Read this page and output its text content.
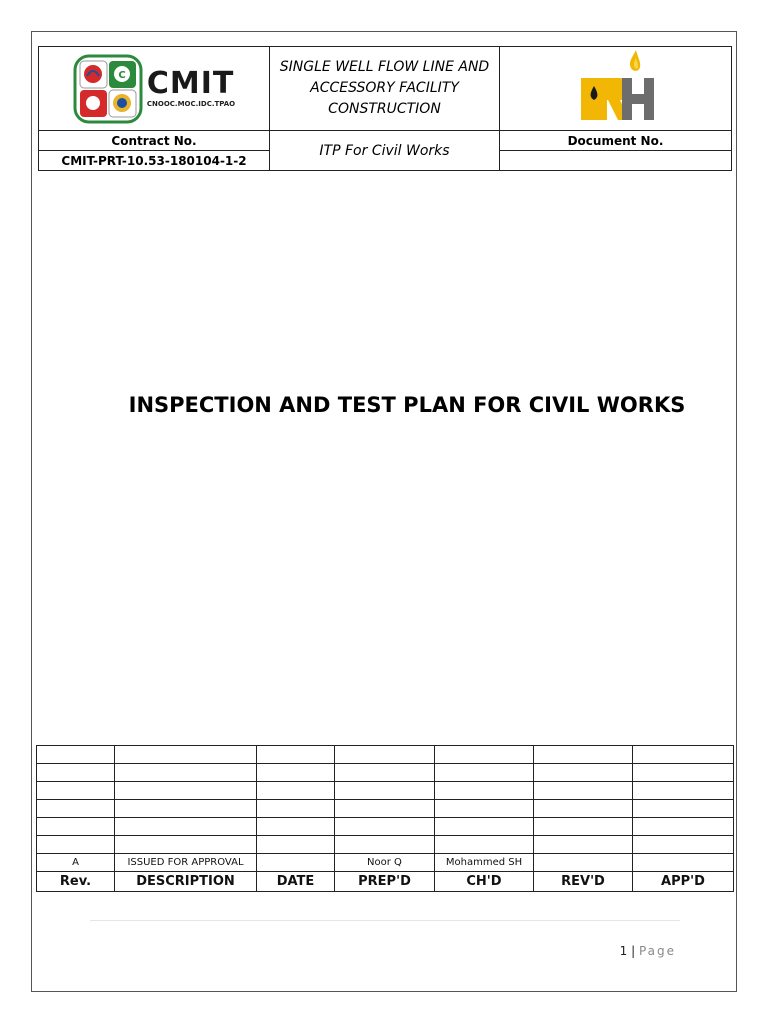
C CMIT
CNOOC.MOC.IDC.TPAO	SINGLE WELL FLOW LINE AND ACCESSORY FACILITY CONSTRUCTION	
Contract No.	ITP For Civil Works	Document No.
CMIT-PRT-10.53-180104-1-2		
INSPECTION AND TEST PLAN FOR CIVIL WORKS

A	ISSUED FOR APPROVAL		Noor Q	Mohammed SH		
Rev.	DESCRIPTION	DATE	PREP'D	CH'D	REV'D	APP'D
1 | Page
